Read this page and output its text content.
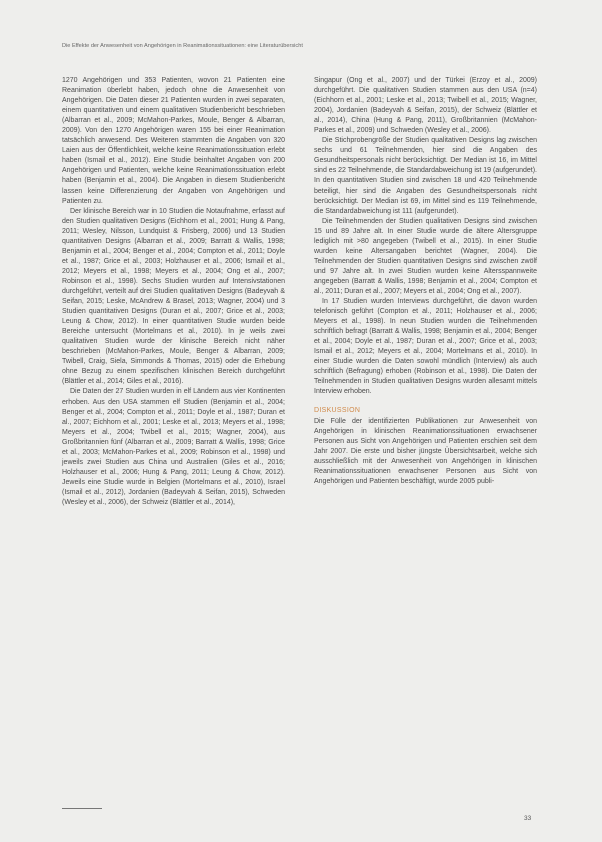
Die Effekte der Anwesenheit von Angehörigen in Reanimationssituationen: eine Literaturübersicht

1270 Angehörigen und 353 Patienten, wovon 21 Patienten eine Reanimation überlebt haben, jedoch ohne die Anwesenheit von Angehörigen. Die Daten dieser 21 Patienten wurden in zwei separaten, einem quantitativen und einem qualitativen Studienbericht beschrieben (Albarran et al., 2009; McMahon-Parkes, Moule, Benger & Albarran, 2009). Von den 1270 Angehörigen waren 155 bei einer Reanimation tatsächlich anwesend. Des Weiteren stammten die Angaben von 320 Laien aus der Öffentlichkeit, welche keine Reanimationssituation erlebt haben (Ismail et al., 2012). Eine Studie beinhaltet Angaben von 200 Angehörigen und Patienten, welche keine Reanimationssituation erlebt haben (Benjamin et al., 2004). Die Angaben in diesem Studienbericht lassen keine Differenzierung der Angaben von Angehörigen und Patienten zu.

Der klinische Bereich war in 10 Studien die Notaufnahme, erfasst auf den Studien qualitativen Designs (Eichhorn et al., 2001; Hung & Pang, 2011; Wesley, Nilsson, Lundquist & Frisberg, 2006) und 13 Studien quantitativen Designs (Albarran et al., 2009; Barratt & Wallis, 1998; Benjamin et al., 2004; Benger et al., 2004; Compton et al., 2011; Doyle et al., 1987; Grice et al., 2003; Holzhauser et al., 2006; Ismail et al., 2012; Meyers et al., 1998; Meyers et al., 2004; Ong et al., 2007; Robinson et al., 1998). Sechs Studien wurden auf Intensivstationen durchgeführt, verteilt auf drei Studien qualitativen Designs (Badeyvah & Seifan, 2015; Leske, McAndrew & Brasel, 2013; Wagner, 2004) und 3 Studien quantitativen Designs (Duran et al., 2007; Grice et al., 2003; Leung & Chow, 2012). In einer quantitativen Studie wurden beide Bereiche untersucht (Mortelmans et al., 2010). In je weils zwei qualitativen Studien wurde der klinische Bereich nicht näher beschrieben (McMahon-Parkes, Moule, Benger & Albarran, 2009; Twibell, Craig, Siela, Simmonds & Thomas, 2015) oder die Erhebung ohne Bezug zu einem spezifischen klinischen Bereich durchgeführt (Blättler et al., 2014; Giles et al., 2016).

Die Daten der 27 Studien wurden in elf Ländern aus vier Kontinenten erhoben. Aus den USA stammen elf Studien (Benjamin et al., 2004; Benger et al., 2004; Compton et al., 2011; Doyle et al., 1987; Duran et al., 2007; Eichhorn et al., 2001; Leske et al., 2013; Meyers et al., 1998; Meyers et al., 2004; Twibell et al., 2015; Wagner, 2004), aus Großbritannien fünf (Albarran et al., 2009; Barratt & Wallis, 1998; Grice et al., 2003; McMahon-Parkes et al., 2009; Robinson et al., 1998) und jeweils zwei Studien aus China und Australien (Giles et al., 2016; Holzhauser et al., 2006; Hung & Pang, 2011; Leung & Chow, 2012). Jeweils eine Studie wurde in Belgien (Mortelmans et al., 2010), Israel (Ismail et al., 2012), Jordanien (Badeyvah & Seifan, 2015), Schweden (Wesley et al., 2006), der Schweiz (Blättler et al., 2014),

Singapur (Ong et al., 2007) und der Türkei (Erzoy et al., 2009) durchgeführt. Die qualitativen Studien stammen aus den USA (n=4) (Eichhorn et al., 2001; Leske et al., 2013; Twibell et al., 2015; Wagner, 2004), Jordanien (Badeyvah & Seifan, 2015), der Schweiz (Blättler et al., 2014), China (Hung & Pang, 2011), Großbritannien (McMahon-Parkes et al., 2009) und Schweden (Wesley et al., 2006).

Die Stichprobengröße der Studien qualitativen Designs lag zwischen sechs und 61 Teilnehmenden, hier sind die Angaben des Gesundheitspersonals nicht berücksichtigt. Der Median ist 16, im Mittel sind es 22 Teilnehmende, die Standardabweichung ist 19 (aufgerundet). In den quantitativen Studien sind zwischen 18 und 420 Teilnehmende beteiligt, hier sind die Angaben des Gesundheitspersonals nicht berücksichtigt. Der Median ist 69, im Mittel sind es 119 Teilnehmende, die Standardabweichung ist 111 (aufgerundet).

Die Teilnehmenden der Studien qualitativen Designs sind zwischen 15 und 89 Jahre alt. In einer Studie wurde die ältere Altersgruppe lediglich mit >80 angegeben (Twibell et al., 2015). In einer Studie wurden keine Altersangaben berichtet (Wagner, 2004). Die Teilnehmenden der Studien quantitativen Designs sind zwischen zwölf und 97 Jahre alt. In zwei Studien wurden keine Altersspannweite angegeben (Barratt & Wallis, 1998; Benjamin et al., 2004; Compton et al., 2011; Duran et al., 2007; Meyers et al., 2004; Ong et al., 2007).

In 17 Studien wurden Interviews durchgeführt, die davon wurden telefonisch geführt (Compton et al., 2011; Holzhauser et al., 2006; Meyers et al., 1998). In neun Studien wurden die Teilnehmenden schriftlich befragt (Barratt & Wallis, 1998; Benjamin et al., 2004; Benger et al., 2004; Doyle et al., 1987; Duran et al., 2007; Grice et al., 2003; Ismail et al., 2012; Meyers et al., 2004; Mortelmans et al., 2010). In einer Studie wurden die Daten sowohl mündlich (Interview) als auch schriftlich (Befragung) erhoben (Robinson et al., 1998). Die Daten der Teilnehmenden in Studien qualitativen Designs wurden allesamt mittels Interview erhoben.

DISKUSSION

Die Fülle der identifizierten Publikationen zur Anwesenheit von Angehörigen in klinischen Reanimationssituationen erwachsener Personen aus Sicht von Angehörigen und Patienten erschien seit dem Jahr 2007. Die erste und bisher jüngste Übersichtsarbeit, welche sich ausschließlich mit der Anwesenheit von Angehörigen in klinischen Reanimationssituationen erwachsener Personen aus Sicht von Angehörigen und Patienten beschäftigt, wurde 2005 publi-

33
